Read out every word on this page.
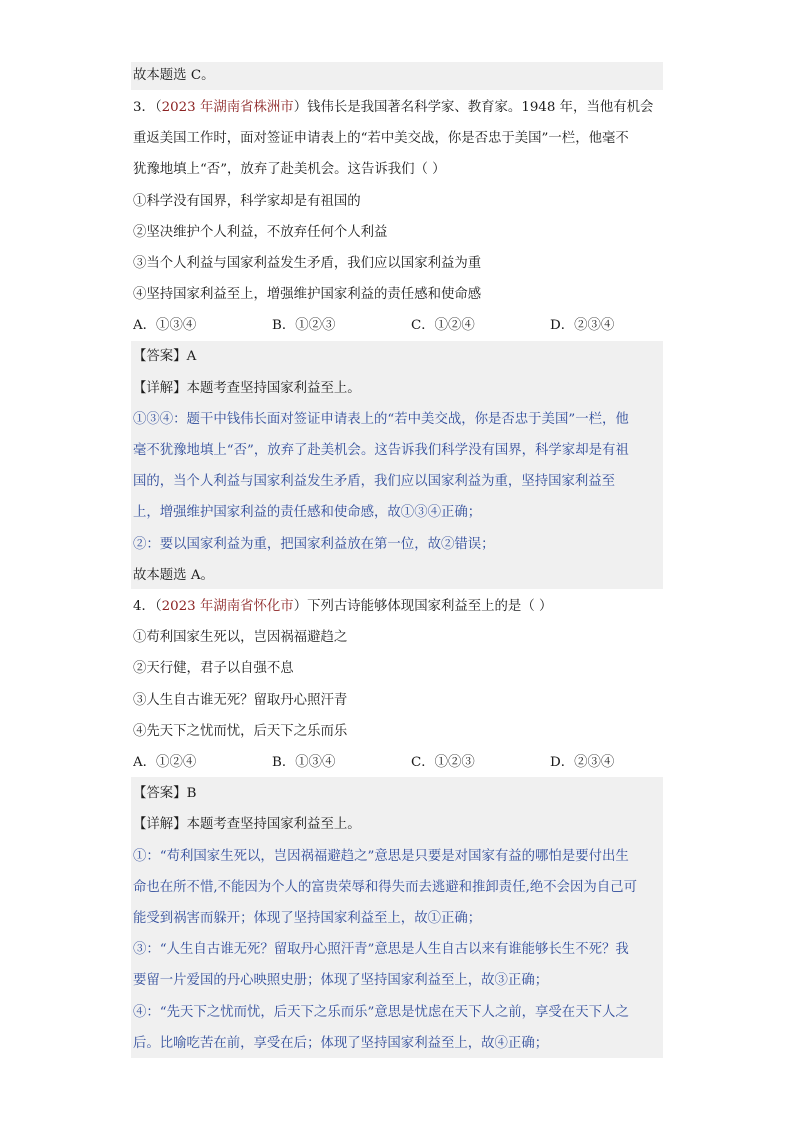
故本题选 C。
3．（2023 年湖南省株洲市）钱伟长是我国著名科学家、教育家。1948 年，当他有机会
重返美国工作时，面对签证申请表上的“若中美交战，你是否忠于美国”一栏，他毫不
犹豫地填上“否”，放弃了赴美机会。这告诉我们（ ）
①科学没有国界，科学家却是有祖国的
②坚决维护个人利益，不放弃任何个人利益
③当个人利益与国家利益发生矛盾，我们应以国家利益为重
④坚持国家利益至上，增强维护国家利益的责任感和使命感
A．①③④	B．①②③	C．①②④	D．②③④
【答案】A
【详解】本题考查坚持国家利益至上。
①③④：题干中钱伟长面对签证申请表上的“若中美交战，你是否忠于美国”一栏，他
毫不犹豫地填上“否”，放弃了赴美机会。这告诉我们科学没有国界，科学家却是有祖
国的，当个人利益与国家利益发生矛盾，我们应以国家利益为重，坚持国家利益至
上，增强维护国家利益的责任感和使命感，故①③④正确；
②：要以国家利益为重，把国家利益放在第一位，故②错误；
故本题选 A。
4．（2023 年湖南省怀化市）下列古诗能够体现国家利益至上的是（ ）
①苟利国家生死以，岂因祸福避趋之
②天行健，君子以自强不息
③人生自古谁无死？留取丹心照汗青
④先天下之忧而忧，后天下之乐而乐
A．①②④	B．①③④	C．①②③	D．②③④
【答案】B
【详解】本题考查坚持国家利益至上。
①：“苟利国家生死以，岂因祸福避趋之”意思是只要是对国家有益的哪怕是要付出生
命也在所不惜,不能因为个人的富贵荣辱和得失而去逃避和推卸责任,绝不会因为自己可
能受到祸害而躲开；体现了坚持国家利益至上，故①正确；
③：“人生自古谁无死？留取丹心照汗青”意思是人生自古以来有谁能够长生不死？我
要留一片爱国的丹心映照史册；体现了坚持国家利益至上，故③正确；
④：“先天下之忧而忧，后天下之乐而乐”意思是忧虑在天下人之前，享受在天下人之
后。比喻吃苦在前，享受在后；体现了坚持国家利益至上，故④正确；
